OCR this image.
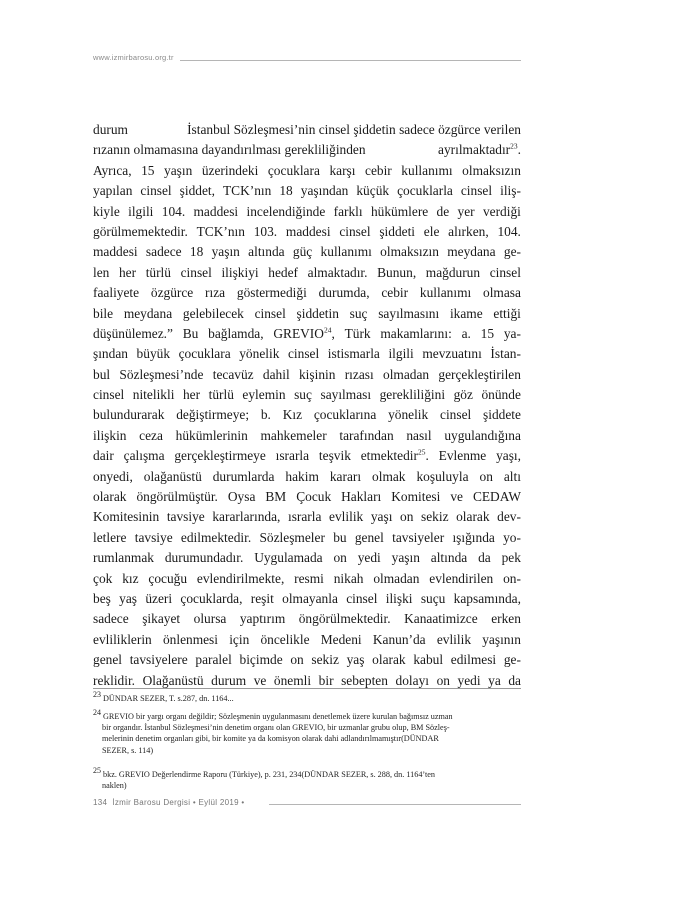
www.izmirbarosu.org.tr
durum	İstanbul Sözleşmesi’nin cinsel şiddetin sadece özgürce verilen
rızanın olmamasına dayandırılması gerekliliğinden	ayrılmaktadır$^{23}$.
Ayrıca, 15 yaşın üzerindeki çocuklara karşı cebir kullanımı olmaksızın
yapılan cinsel şiddet, TCK’nın 18 yaşından küçük çocuklarla cinsel iliş-
kiyle ilgili 104. maddesi incelendiğinde farklı hükümlere de yer verdiği
görülmemektedir. TCK’nın 103. maddesi cinsel şiddeti ele alırken, 104.
maddesi sadece 18 yaşın altında güç kullanımı olmaksızın meydana ge-
len her türlü cinsel ilişkiyi hedef almaktadır. Bunun, mağdurun cinsel
faaliyete özgürce rıza göstermediği durumda, cebir kullanımı olmasa
bile meydana gelebilecek cinsel şiddetin suç sayılmasını ikame ettiği
düşünülemez.” Bu bağlamda, GREVIO$^{24}$, Türk makamlarını: a. 15 ya-
şından büyük çocuklara yönelik cinsel istismarla ilgili mevzuatını İstan-
bul Sözleşmesi’nde tecavüz dahil kişinin rızası olmadan gerçekleştirilen
cinsel nitelikli her türlü eylemin suç sayılması gerekliliğini göz önünde
bulundurarak değiştirmeye; b. Kız çocuklarına yönelik cinsel şiddete
ilişkin ceza hükümlerinin mahkemeler tarafından nasıl uygulandığına
dair çalışma gerçekleştirmeye ısrarla teşvik etmektedir$^{25}$. Evlenme yaşı,
onyedi, olağanüstü durumlarda hakim kararı olmak koşuluyla on altı
olarak öngörülmüştür. Oysa BM Çocuk Hakları Komitesi ve CEDAW
Komitesinin tavsiye kararlarında, ısrarla evlilik yaşı on sekiz olarak dev-
letlere tavsiye edilmektedir. Sözleşmeler bu genel tavsiyeler ışığında yo-
rumlanmak durumundadır. Uygulamada on yedi yaşın altında da pek
çok kız çocuğu evlendirilmekte, resmi nikah olmadan evlendirilen on-
beş yaş üzeri çocuklarda, reşit olmayanla cinsel ilişki suçu kapsamında,
sadece şikayet olursa yaptırım öngörülmektedir. Kanaatimizce erken
evliliklerin önlenmesi için öncelikle Medeni Kanun’da evlilik yaşının
genel tavsiyelere paralel biçimde on sekiz yaş olarak kabul edilmesi ge-
reklidir. Olağanüstü durum ve önemli bir sebepten dolayı on yedi ya da
23 DÜNDAR SEZER, T. s.287, dn. 1164...
24 GREVIO bir yargı organı değildir; Sözleşmenin uygulanmasını denetlemek üzere kurulan bağımsız uzman
bir organdır. İstanbul Sözleşmesi’nin denetim organı olan GREVIO, bir uzmanlar grubu olup, BM Sözleş-
melerinin denetim organları gibi, bir komite ya da komisyon olarak dahi adlandırılmamıştır(DÜNDAR
SEZER, s. 114)
25 bkz. GREVIO Değerlendirme Raporu (Türkiye), p. 231, 234(DÜNDAR SEZER, s. 288, dn. 1164’ten
naklen)
134 İzmir Barosu Dergisi • Eylül 2019 •
